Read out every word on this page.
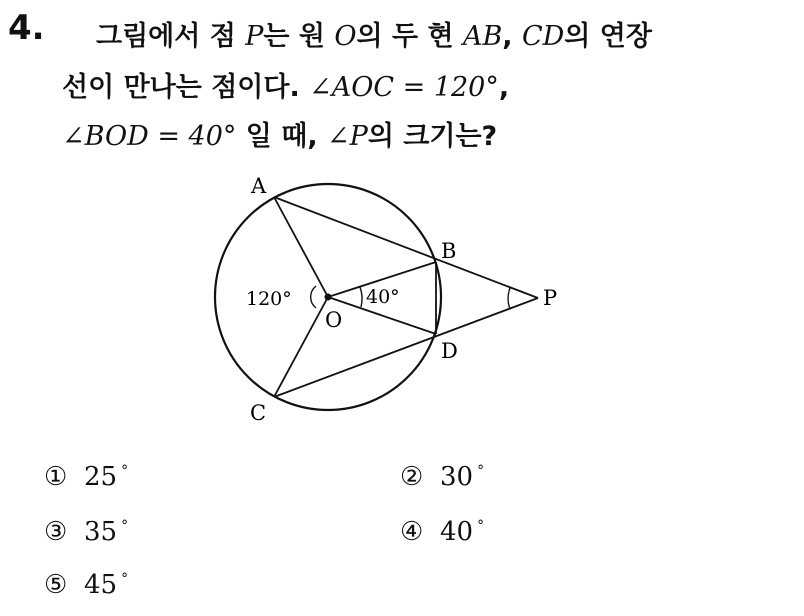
4. 그림에서 점 P는 원 O의 두 현 AB, CD의 연장
선이 만나는 점이다. ∠AOC = 120°,
∠BOD = 40° 일 때, ∠P의 크기는?
A
B
C
D
O
P
120°	40°
① 25 °	② 30 °
③ 35 °	④ 40 °
⑤ 45 °
